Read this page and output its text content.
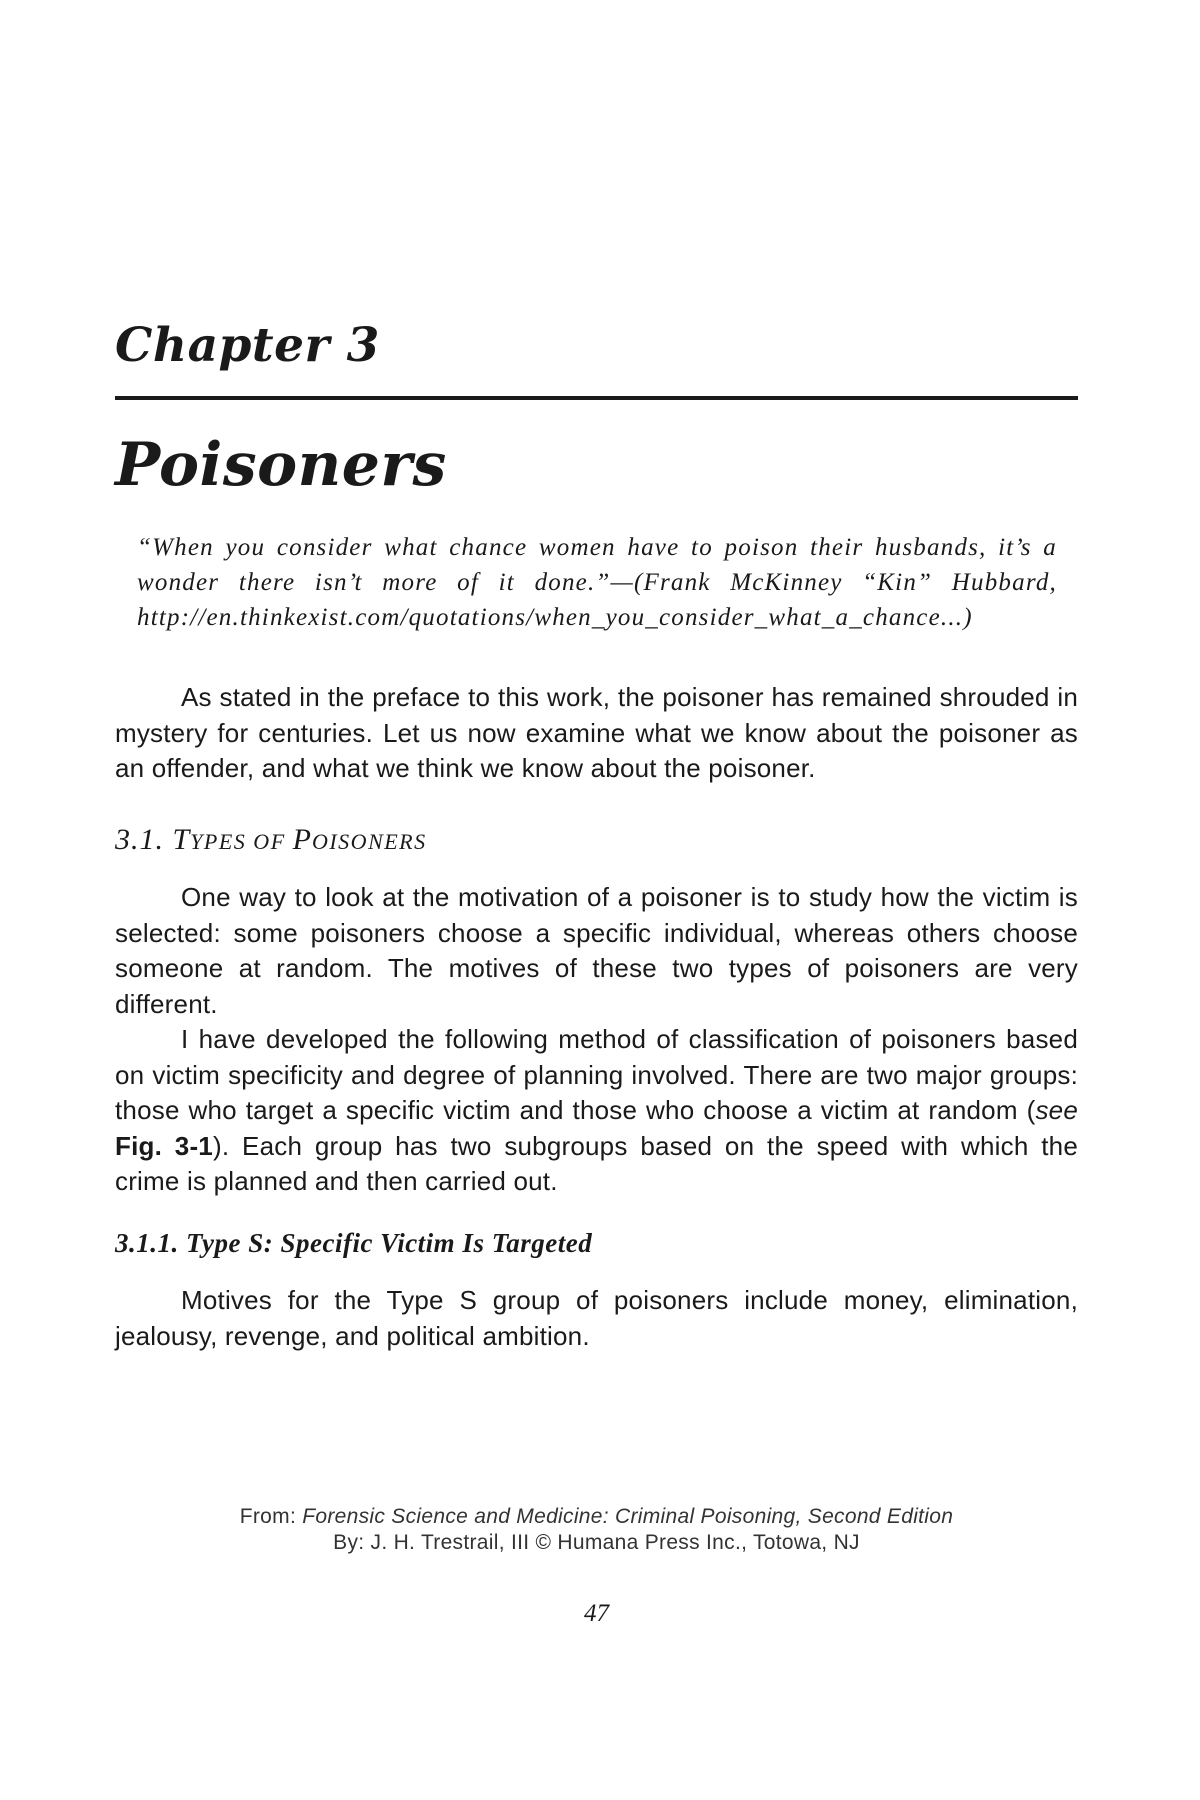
Chapter 3
Poisoners

“When you consider what chance women have to poison their husbands, it’s a wonder there isn’t more of it done.”—(Frank McKinney “Kin” Hubbard, http://en.thinkexist.com/quotations/when_you_consider_what_a_chance...)

As stated in the preface to this work, the poisoner has remained shrouded in mystery for centuries. Let us now examine what we know about the poisoner as an offender, and what we think we know about the poisoner.

3.1. TYPES OF POISONERS

One way to look at the motivation of a poisoner is to study how the victim is selected: some poisoners choose a specific individual, whereas others choose someone at random. The motives of these two types of poisoners are very different.

I have developed the following method of classification of poisoners based on victim specificity and degree of planning involved. There are two major groups: those who target a specific victim and those who choose a victim at random (see Fig. 3-1). Each group has two subgroups based on the speed with which the crime is planned and then carried out.

3.1.1. Type S: Specific Victim Is Targeted

Motives for the Type S group of poisoners include money, elimination, jealousy, revenge, and political ambition.

From: Forensic Science and Medicine: Criminal Poisoning, Second Edition
By: J. H. Trestrail, III © Humana Press Inc., Totowa, NJ
47
